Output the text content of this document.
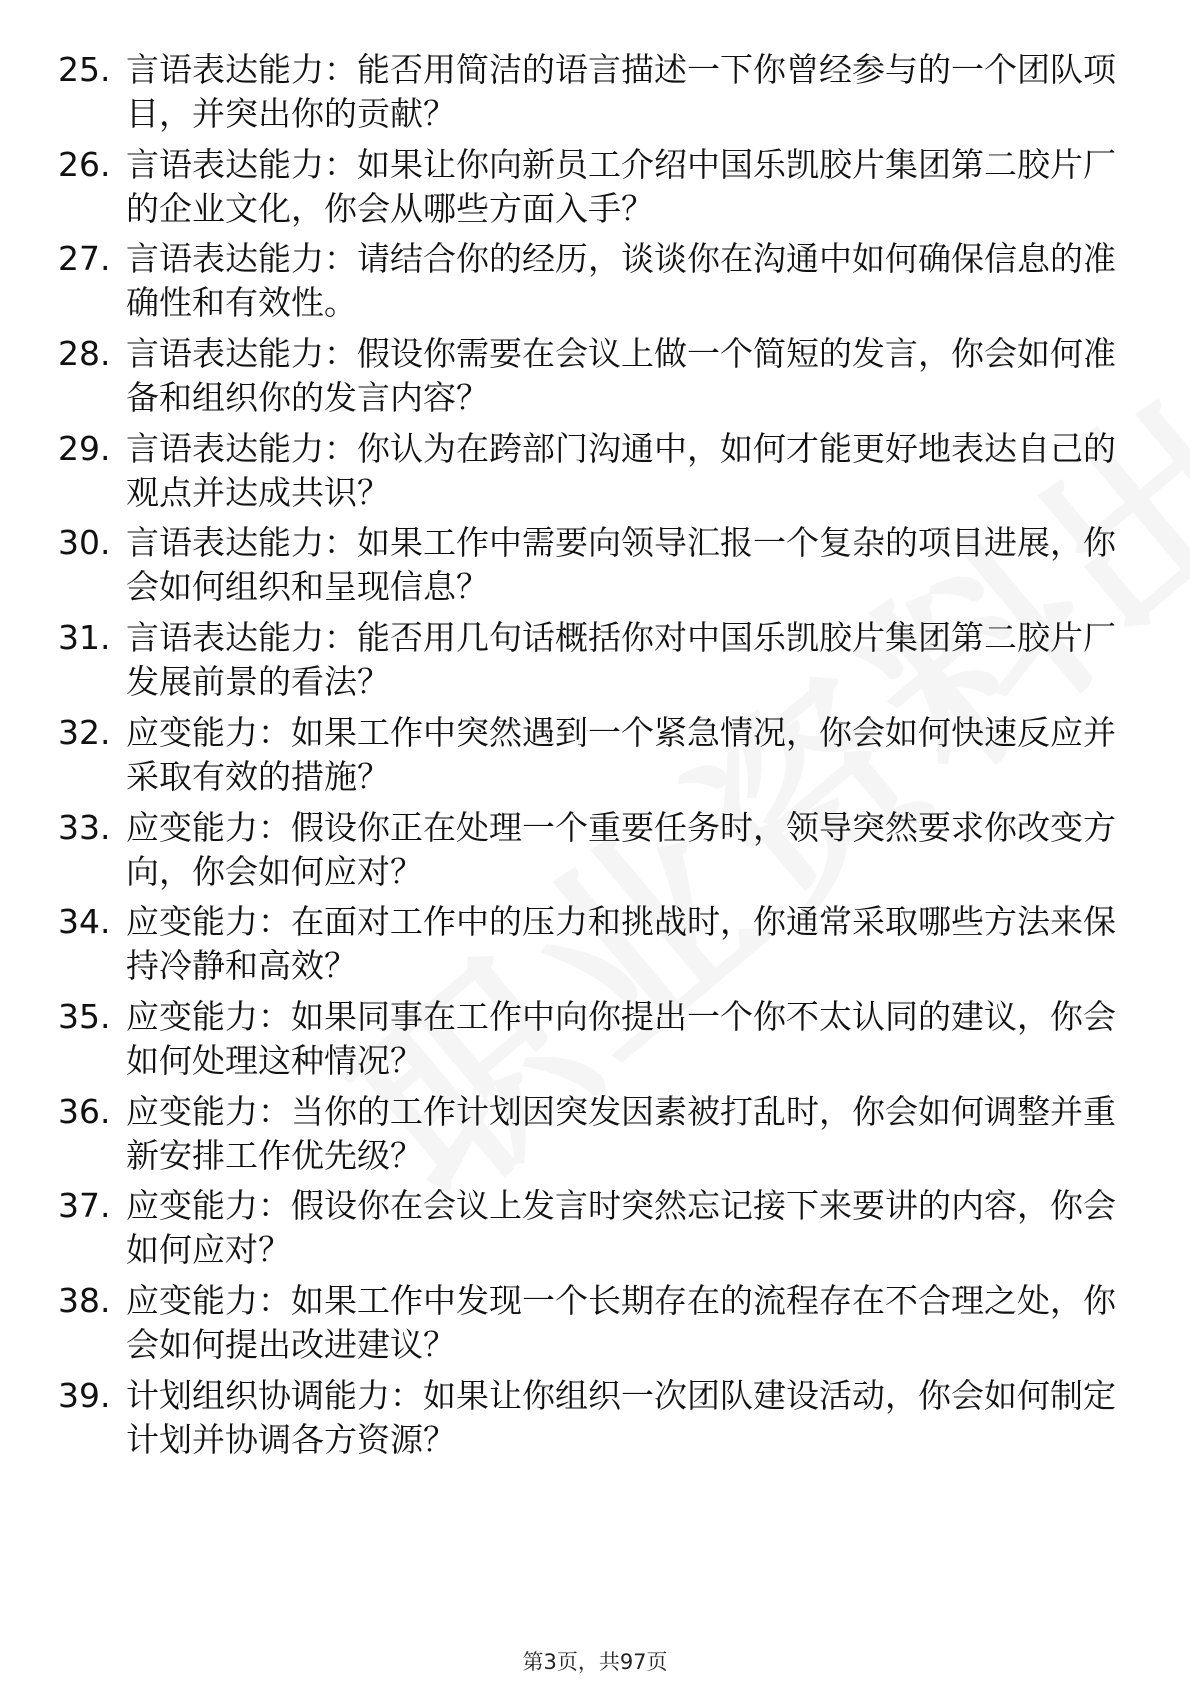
25. 言语表达能力：能否用简洁的语言描述一下你曾经参与的一个团队项目，并突出你的贡献？
26. 言语表达能力：如果让你向新员工介绍中国乐凯胶片集团第二胶片厂的企业文化，你会从哪些方面入手？
27. 言语表达能力：请结合你的经历，谈谈你在沟通中如何确保信息的准确性和有效性。
28. 言语表达能力：假设你需要在会议上做一个简短的发言，你会如何准备和组织你的发言内容？
29. 言语表达能力：你认为在跨部门沟通中，如何才能更好地表达自己的观点并达成共识？
30. 言语表达能力：如果工作中需要向领导汇报一个复杂的项目进展，你会如何组织和呈现信息？
31. 言语表达能力：能否用几句话概括你对中国乐凯胶片集团第二胶片厂发展前景的看法？
32. 应变能力：如果工作中突然遇到一个紧急情况，你会如何快速反应并采取有效的措施？
33. 应变能力：假设你正在处理一个重要任务时，领导突然要求你改变方向，你会如何应对？
34. 应变能力：在面对工作中的压力和挑战时，你通常采取哪些方法来保持冷静和高效？
35. 应变能力：如果同事在工作中向你提出一个你不太认同的建议，你会如何处理这种情况？
36. 应变能力：当你的工作计划因突发因素被打乱时，你会如何调整并重新安排工作优先级？
37. 应变能力：假设你在会议上发言时突然忘记接下来要讲的内容，你会如何应对？
38. 应变能力：如果工作中发现一个长期存在的流程存在不合理之处，你会如何提出改进建议？
39. 计划组织协调能力：如果让你组织一次团队建设活动，你会如何制定计划并协调各方资源？
第3页，共97页
